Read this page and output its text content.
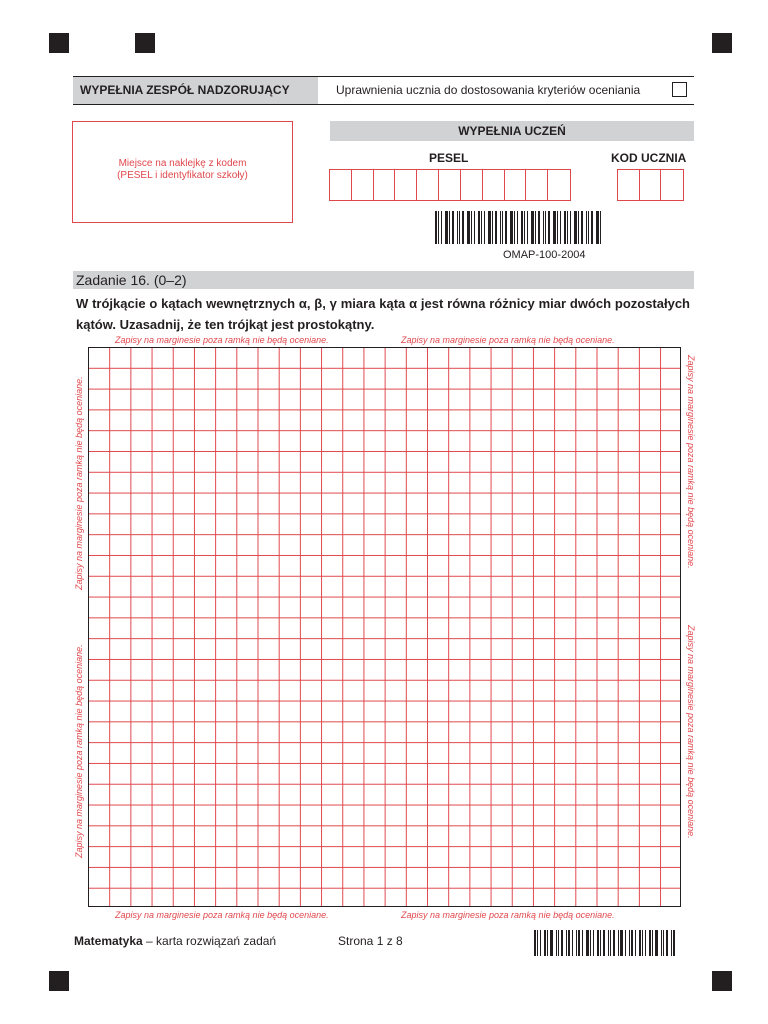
WYPEŁNIA ZESPÓŁ NADZORUJĄCY	Uprawnienia ucznia do dostosowania kryteriów oceniania
Miejsce na naklejkę z kodem
(PESEL i identyfikator szkoły)
WYPEŁNIA UCZEŃ
PESEL	KOD UCZNIA
OMAP-100-2004
Zadanie 16. (0–2)
W trójkącie o kątach wewnętrznych α, β, γ miara kąta α jest równa różnicy miar dwóch pozostałych kątów. Uzasadnij, że ten trójkąt jest prostokątny.
Zapisy na marginesie poza ramką nie będą oceniane.	Zapisy na marginesie poza ramką nie będą oceniane.
Zapisy na marginesie poza ramką nie będą oceniane.	Zapisy na marginesie poza ramką nie będą oceniane.
Zapisy na marginesie poza ramką nie będą oceniane.
Zapisy na marginesie poza ramką nie będą oceniane.
Zapisy na marginesie poza ramką nie będą oceniane.
Zapisy na marginesie poza ramką nie będą oceniane.
Matematyka – karta rozwiązań zadań	Strona 1 z 8
